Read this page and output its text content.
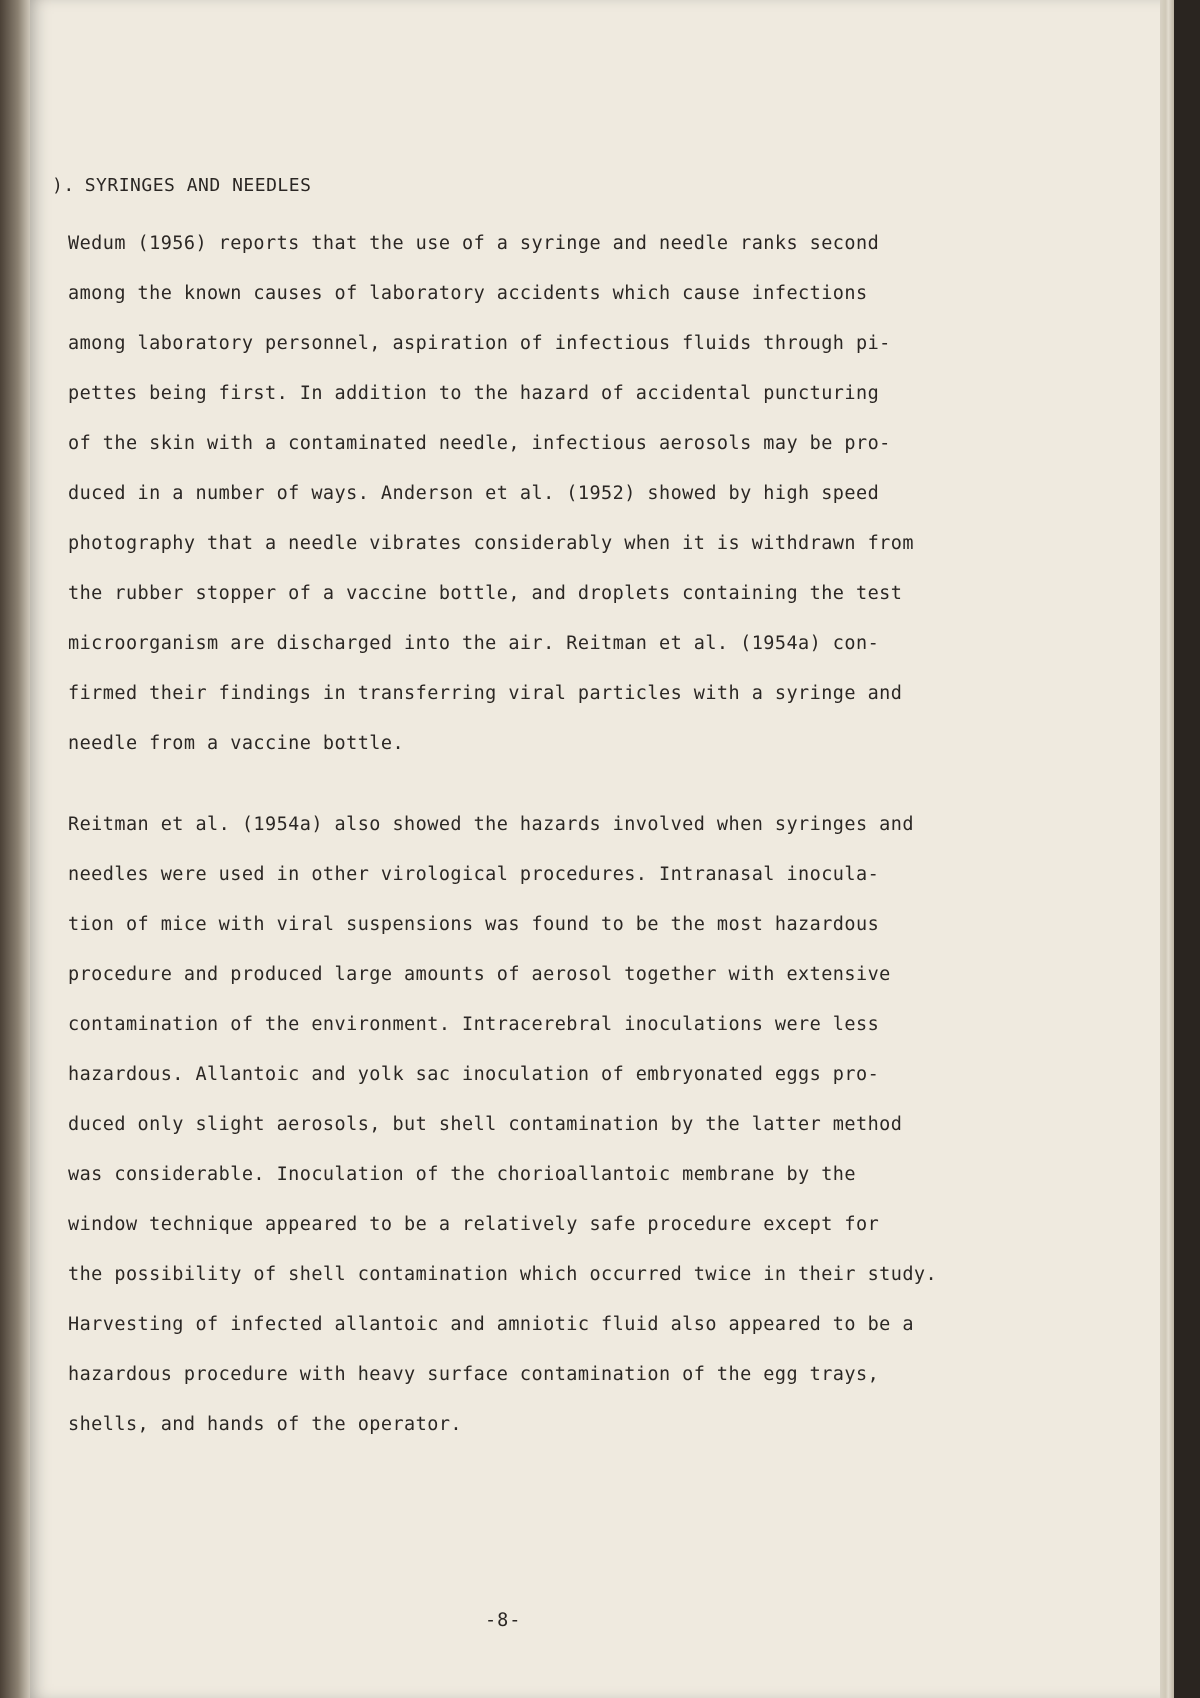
). SYRINGES AND NEEDLES
Wedum (1956) reports that the use of a syringe and needle ranks second
among the known causes of laboratory accidents which cause infections
among laboratory personnel, aspiration of infectious fluids through pi-
pettes being first. In addition to the hazard of accidental puncturing
of the skin with a contaminated needle, infectious aerosols may be pro-
duced in a number of ways. Anderson et al. (1952) showed by high speed
photography that a needle vibrates considerably when it is withdrawn from
the rubber stopper of a vaccine bottle, and droplets containing the test
microorganism are discharged into the air. Reitman et al. (1954a) con-
firmed their findings in transferring viral particles with a syringe and
needle from a vaccine bottle.
Reitman et al. (1954a) also showed the hazards involved when syringes and
needles were used in other virological procedures. Intranasal inocula-
tion of mice with viral suspensions was found to be the most hazardous
procedure and produced large amounts of aerosol together with extensive
contamination of the environment. Intracerebral inoculations were less
hazardous. Allantoic and yolk sac inoculation of embryonated eggs pro-
duced only slight aerosols, but shell contamination by the latter method
was considerable. Inoculation of the chorioallantoic membrane by the
window technique appeared to be a relatively safe procedure except for
the possibility of shell contamination which occurred twice in their study.
Harvesting of infected allantoic and amniotic fluid also appeared to be a
hazardous procedure with heavy surface contamination of the egg trays,
shells, and hands of the operator.
-8-
